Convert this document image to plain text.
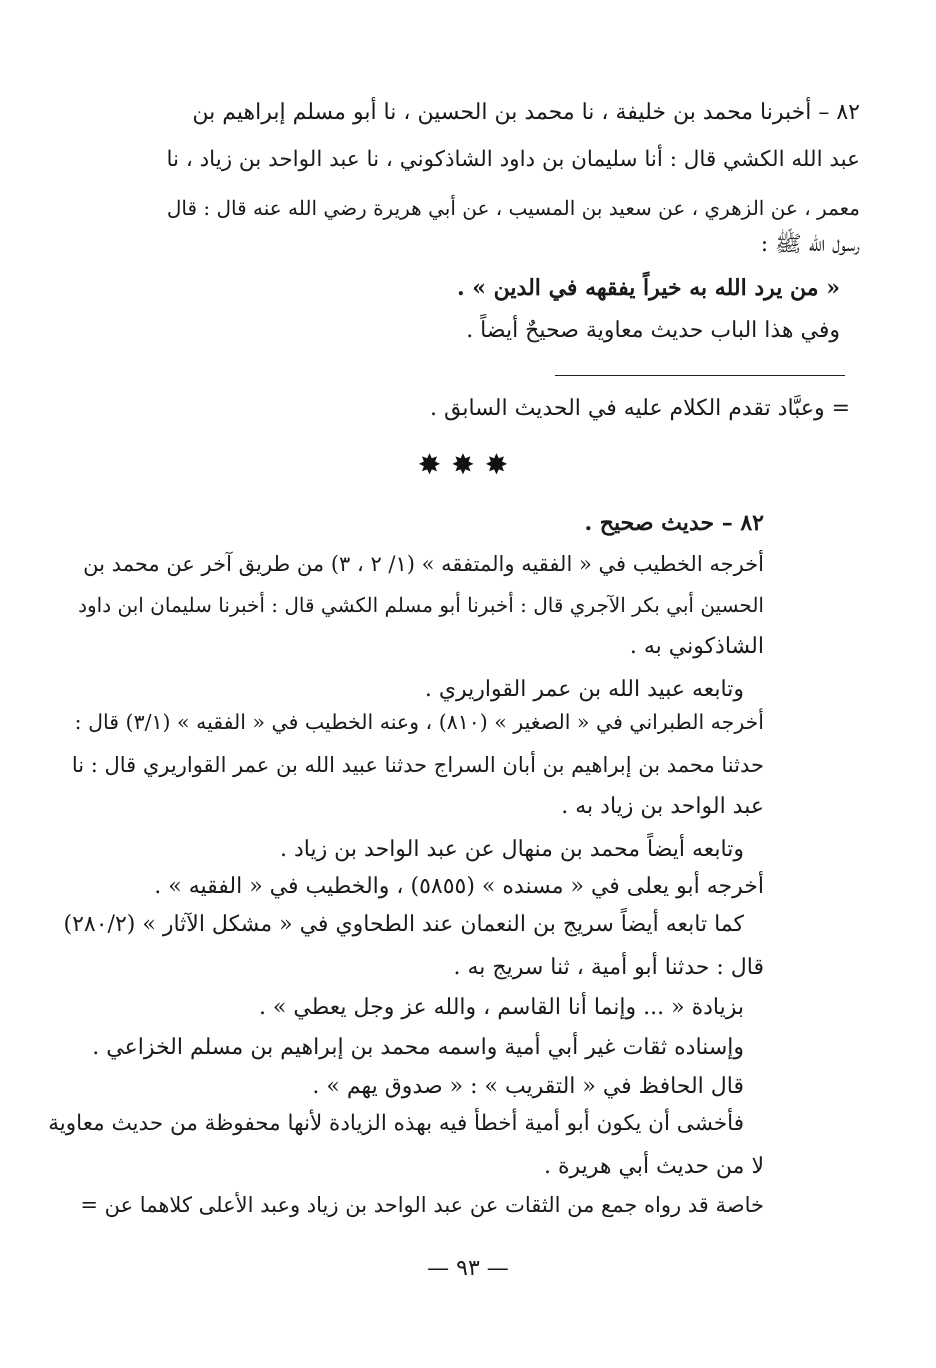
٨٢ – أخبرنا محمد بن خليفة ، نا محمد بن الحسين ، نا أبو مسلم إبراهيم بن
عبد الله الكشي قال : أنا سليمان بن داود الشاذكوني ، نا عبد الواحد بن زياد ، نا
معمر ، عن الزهري ، عن سعيد بن المسيب ، عن أبي هريرة رضي الله عنه قال : قال
رسول الله ﷺ :
« من يرد الله به خيراً يفقهه في الدين » .
وفي هذا الباب حديث معاوية صحيحٌ أيضاً .
= وعبَّاد تقدم الكلام عليه في الحديث السابق .
✸✸✸
٨٢ – حديث صحيح .
أخرجه الخطيب في « الفقيه والمتفقه » (١/ ٢ ، ٣) من طريق آخر عن محمد بن
الحسين أبي بكر الآجري قال : أخبرنا أبو مسلم الكشي قال : أخبرنا سليمان ابن داود
الشاذكوني به .
وتابعه عبيد الله بن عمر القواريري .
أخرجه الطبراني في « الصغير » (٨١٠) ، وعنه الخطيب في « الفقيه » (٣/١) قال :
حدثنا محمد بن إبراهيم بن أبان السراج حدثنا عبيد الله بن عمر القواريري قال : نا
عبد الواحد بن زياد به .
وتابعه أيضاً محمد بن منهال عن عبد الواحد بن زياد .
أخرجه أبو يعلى في « مسنده » (٥٨٥٥) ، والخطيب في « الفقيه » .
كما تابعه أيضاً سريج بن النعمان عند الطحاوي في « مشكل الآثار » (٢٨٠/٢)
قال : حدثنا أبو أمية ، ثنا سريج به .
بزيادة « ... وإنما أنا القاسم ، والله عز وجل يعطي » .
وإسناده ثقات غير أبي أمية واسمه محمد بن إبراهيم بن مسلم الخزاعي .
قال الحافظ في « التقريب » : « صدوق يهم » .
فأخشى أن يكون أبو أمية أخطأ فيه بهذه الزيادة لأنها محفوظة من حديث معاوية
لا من حديث أبي هريرة .
خاصة قد رواه جمع من الثقات عن عبد الواحد بن زياد وعبد الأعلى كلاهما عن =
— ٩٣ —
